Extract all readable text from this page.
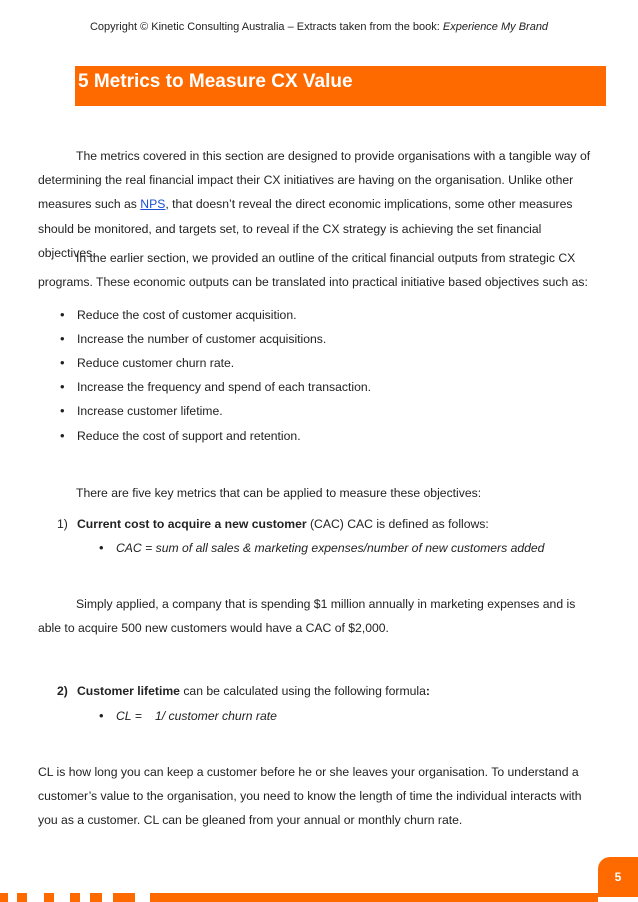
Copyright © Kinetic Consulting Australia – Extracts taken from the book: Experience My Brand
5 Metrics to Measure CX Value

The metrics covered in this section are designed to provide organisations with a tangible way of determining the real financial impact their CX initiatives are having on the organisation. Unlike other measures such as NPS, that doesn’t reveal the direct economic implications, some other measures should be monitored, and targets set, to reveal if the CX strategy is achieving the set financial objectives.

In the earlier section, we provided an outline of the critical financial outputs from strategic CX programs. These economic outputs can be translated into practical initiative based objectives such as:

• Reduce the cost of customer acquisition.
• Increase the number of customer acquisitions.
• Reduce customer churn rate.
• Increase the frequency and spend of each transaction.
• Increase customer lifetime.
• Reduce the cost of support and retention.

There are five key metrics that can be applied to measure these objectives:

1) Current cost to acquire a new customer (CAC) CAC is defined as follows:
• CAC = sum of all sales & marketing expenses/number of new customers added

Simply applied, a company that is spending $1 million annually in marketing expenses and is able to acquire 500 new customers would have a CAC of $2,000.

2) Customer lifetime can be calculated using the following formula:
• CL = 1/ customer churn rate

CL is how long you can keep a customer before he or she leaves your organisation. To understand a customer’s value to the organisation, you need to know the length of time the individual interacts with you as a customer. CL can be gleaned from your annual or monthly churn rate.

5
